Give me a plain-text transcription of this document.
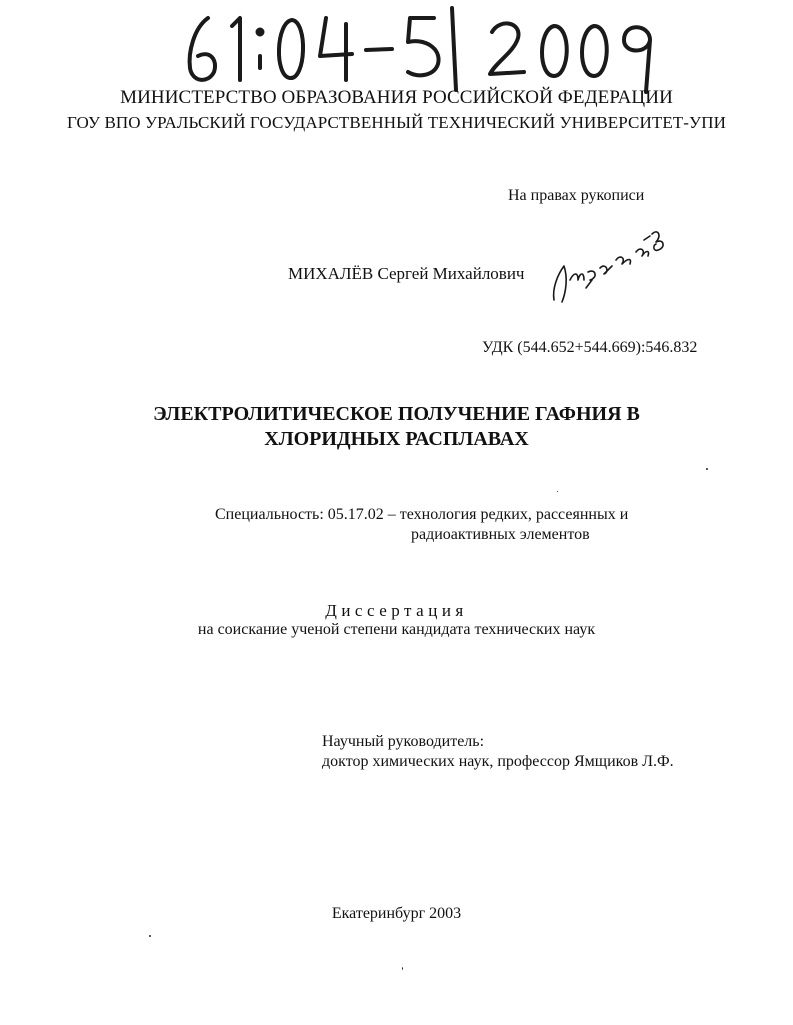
МИНИСТЕРСТВО ОБРАЗОВАНИЯ РОССИЙСКОЙ ФЕДЕРАЦИИ
ГОУ ВПО УРАЛЬСКИЙ ГОСУДАРСТВЕННЫЙ ТЕХНИЧЕСКИЙ УНИВЕРСИТЕТ-УПИ
На правах рукописи
МИХАЛЁВ Сергей Михайлович
УДК (544.652+544.669):546.832
ЭЛЕКТРОЛИТИЧЕСКОЕ ПОЛУЧЕНИЕ ГАФНИЯ В
ХЛОРИДНЫХ РАСПЛАВАХ
Специальность: 05.17.02 – технология редких, рассеянных и
радиоактивных элементов
Диссертация
на соискание ученой степени кандидата технических наук
Научный руководитель:
доктор химических наук, профессор Ямщиков Л.Ф.
Екатеринбург 2003
